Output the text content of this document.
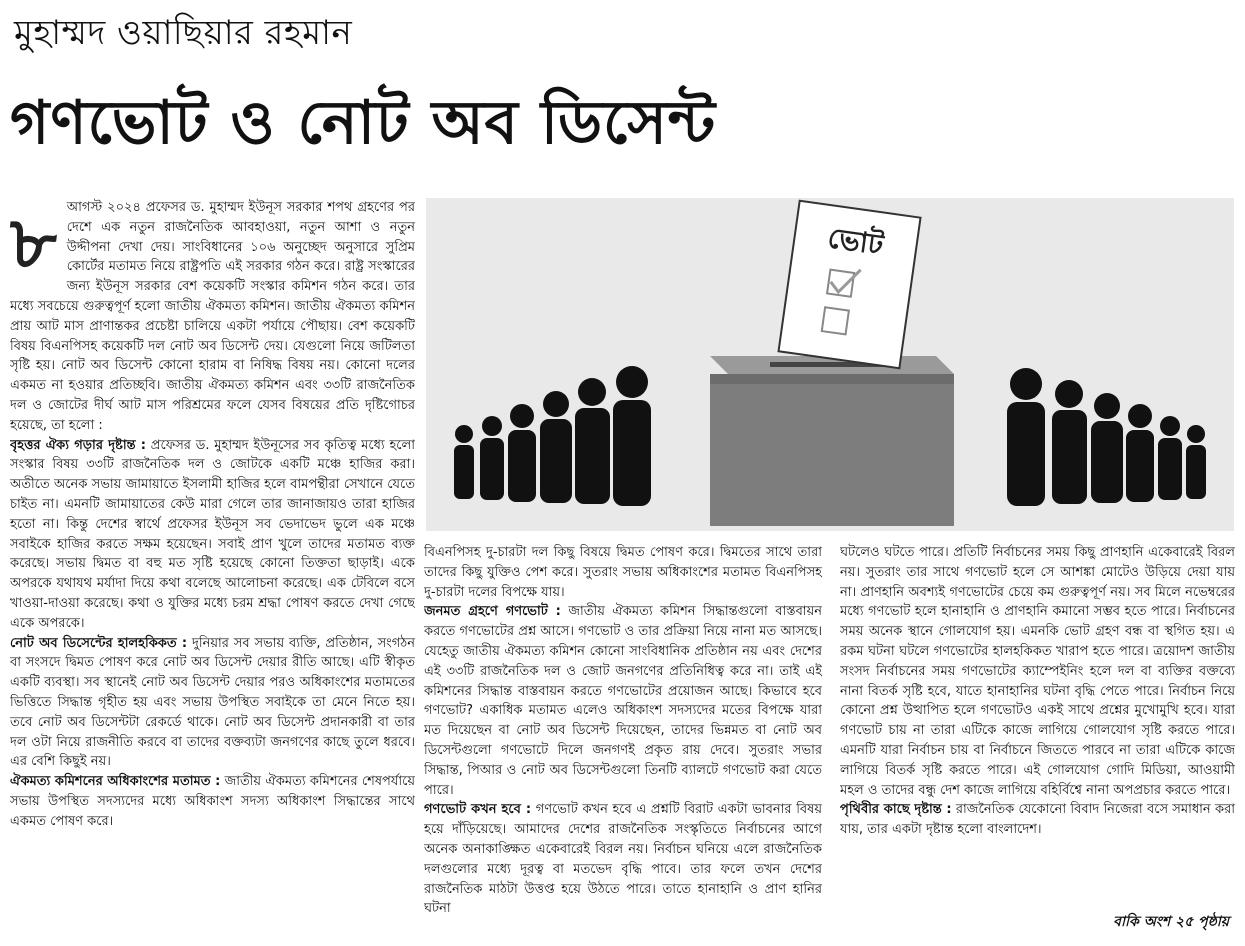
মুহাম্মদ ওয়াছিয়ার রহমান
গণভোট ও নোট অব ডিসেন্ট
৮ আগস্ট ২০২৪ প্রফেসর ড. মুহাম্মদ ইউনূস সরকার শপথ গ্রহণের পর দেশে এক নতুন রাজনৈতিক আবহাওয়া, নতুন আশা ও নতুন উদ্দীপনা দেখা দেয়। সাংবিধানের ১০৬ অনুচ্ছেদ অনুসারে সুপ্রিম কোর্টের মতামত নিয়ে রাষ্ট্রপতি এই সরকার গঠন করে। রাষ্ট্র সংস্কারের জন্য ইউনূস সরকার বেশ কয়েকটি সংস্কার কমিশন গঠন করে। তার মধ্যে সবচেয়ে গুরুত্বপূর্ণ হলো জাতীয় ঐকমত্য কমিশন। জাতীয় ঐকমত্য কমিশন প্রায় আট মাস প্রাণান্তকর প্রচেষ্টা চালিয়ে একটা পর্যায়ে পৌছায়। বেশ কয়েকটি বিষয় বিএনপিসহ কয়েকটি দল নোট অব ডিসেন্ট দেয়। যেগুলো নিয়ে জটিলতা সৃষ্টি হয়। নোট অব ডিসেন্ট কোনো হারাম বা নিষিদ্ধ বিষয় নয়। কোনো দলের একমত না হওয়ার প্রতিচ্ছবি। জাতীয় ঐকমত্য কমিশন এবং ৩৩টি রাজনৈতিক দল ও জোটের দীর্ঘ আট মাস পরিশ্রমের ফলে যেসব বিষয়ের প্রতি দৃষ্টিগোচর হয়েছে, তা হলো :

বৃহত্তর ঐক্য গড়ার দৃষ্টান্ত : প্রফেসর ড. মুহাম্মদ ইউনূসের সব কৃতিত্ব মধ্যে হলো সংস্কার বিষয় ৩৩টি রাজনৈতিক দল ও জোটকে একটি মঞ্চে হাজির করা। অতীতে অনেক সভায় জামায়াতে ইসলামী হাজির হলে বামপন্থীরা সেখানে যেতে চাইত না। এমনটি জামায়াতের কেউ মারা গেলে তার জানাজায়ও তারা হাজির হতো না। কিন্তু দেশের স্বার্থে প্রফেসর ইউনূস সব ভেদাভেদ ভুলে এক মঞ্চে সবাইকে হাজির করতে সক্ষম হয়েছেন। সবাই প্রাণ খুলে তাদের মতামত ব্যক্ত করেছে। সভায় দ্বিমত বা বহু মত সৃষ্টি হয়েছে কোনো তিক্ততা ছাড়াই। একে অপরকে যথাযথ মর্যাদা দিয়ে কথা বলেছে আলোচনা করেছে। এক টেবিলে বসে খাওয়া-দাওয়া করেছে। কথা ও যুক্তির মধ্যে চরম শ্রদ্ধা পোষণ করতে দেখা গেছে একে অপরকে।

নোট অব ডিসেন্টের হালহকিকত : দুনিয়ার সব সভায় ব্যক্তি, প্রতিষ্ঠান, সংগঠন বা সংসদে দ্বিমত পোষণ করে নোট অব ডিসেন্ট দেয়ার রীতি আছে। এটি স্বীকৃত একটি ব্যবস্থা। সব স্থানেই নোট অব ডিসেন্ট দেয়ার পরও অধিকাংশের মতামতের ভিত্তিতে সিদ্ধান্ত গৃহীত হয় এবং সভায় উপস্থিত সবাইকে তা মেনে নিতে হয়। তবে নোট অব ডিসেন্টটা রেকর্ডে থাকে। নোট অব ডিসেন্ট প্রদানকারী বা তার দল ওটা নিয়ে রাজনীতি করবে বা তাদের বক্তব্যটা জনগণের কাছে তুলে ধরবে। এর বেশি কিছুই নয়।

ঐকমত্য কমিশনের অধিকাংশের মতামত : জাতীয় ঐকমত্য কমিশনের শেষপর্যায়ে সভায় উপস্থিত সদস্যদের মধ্যে অধিকাংশ সদস্য অধিকাংশ সিদ্ধান্তের সাথে একমত পোষণ করে।

ভোট

বিএনপিসহ দু-চারটা দল কিছু বিষয়ে দ্বিমত পোষণ করে। দ্বিমতের সাথে তারা তাদের কিছু যুক্তিও পেশ করে। সুতরাং সভায় অধিকাংশের মতামত বিএনপিসহ দু-চারটা দলের বিপক্ষে যায়।

জনমত গ্রহণে গণভোট : জাতীয় ঐকমত্য কমিশন সিদ্ধান্তগুলো বাস্তবায়ন করতে গণভোটের প্রশ্ন আসে। গণভোট ও তার প্রক্রিয়া নিয়ে নানা মত আসছে। যেহেতু জাতীয় ঐকমত্য কমিশন কোনো সাংবিধানিক প্রতিষ্ঠান নয় এবং দেশের এই ৩৩টি রাজনৈতিক দল ও জোট জনগণের প্রতিনিধিত্ব করে না। তাই এই কমিশনের সিদ্ধান্ত বাস্তবায়ন করতে গণভোটের প্রয়োজন আছে। কিভাবে হবে গণভোট? একাধিক মতামত এলেও অধিকাংশ সদস্যদের মতের বিপক্ষে যারা মত দিয়েছেন বা নোট অব ডিসেন্ট দিয়েছেন, তাদের ভিন্নমত বা নোট অব ডিসেন্টগুলো গণভোটে দিলে জনগণই প্রকৃত রায় দেবে। সুতরাং সভার সিদ্ধান্ত, পিআর ও নোট অব ডিসেন্টগুলো তিনটি ব্যালটে গণভোট করা যেতে পারে।

গণভোট কখন হবে : গণভোট কখন হবে এ প্রশ্নটি বিরাট একটা ভাবনার বিষয় হয়ে দাঁড়িয়েছে। আমাদের দেশের রাজনৈতিক সংস্কৃতিতে নির্বাচনের আগে অনেক অনাকাঙ্ক্ষিত একেবারেই বিরল নয়। নির্বাচন ঘনিয়ে এলে রাজনৈতিক দলগুলোর মধ্যে দূরত্ব বা মতভেদ বৃদ্ধি পাবে। তার ফলে তখন দেশের রাজনৈতিক মাঠটা উত্তপ্ত হয়ে উঠতে পারে। তাতে হানাহানি ও প্রাণ হানির ঘটনা

ঘটলেও ঘটতে পারে। প্রতিটি নির্বাচনের সময় কিছু প্রাণহানি একেবারেই বিরল নয়। সুতরাং তার সাথে গণভোট হলে সে আশঙ্কা মোটেও উড়িয়ে দেয়া যায় না। প্রাণহানি অবশ্যই গণভোটের চেয়ে কম গুরুত্বপূর্ণ নয়। সব মিলে নভেম্বরের মধ্যে গণভোট হলে হানাহানি ও প্রাণহানি কমানো সম্ভব হতে পারে। নির্বাচনের সময় অনেক স্থানে গোলযোগ হয়। এমনকি ভোট গ্রহণ বন্ধ বা স্থগিত হয়। এ রকম ঘটনা ঘটলে গণভোটের হালহকিকত খারাপ হতে পারে। ত্রয়োদশ জাতীয় সংসদ নির্বাচনের সময় গণভোটের ক্যাম্পেইনিং হলে দল বা ব্যক্তির বক্তব্যে নানা বিতর্ক সৃষ্টি হবে, যাতে হানাহানির ঘটনা বৃদ্ধি পেতে পারে। নির্বাচন নিয়ে কোনো প্রশ্ন উত্থাপিত হলে গণভোটও একই সাথে প্রশ্নের মুখোমুখি হবে। যারা গণভোট চায় না তারা এটিকে কাজে লাগিয়ে গোলযোগ সৃষ্টি করতে পারে। এমনটি যারা নির্বাচন চায় বা নির্বাচনে জিততে পারবে না তারা এটিকে কাজে লাগিয়ে বিতর্ক সৃষ্টি করতে পারে। এই গোলযোগ গোদি মিডিয়া, আওয়ামী মহল ও তাদের বন্ধু দেশ কাজে লাগিয়ে বহির্বিশ্বে নানা অপপ্রচার করতে পারে।

পৃথিবীর কাছে দৃষ্টান্ত : রাজনৈতিক যেকোনো বিবাদ নিজেরা বসে সমাধান করা যায়, তার একটা দৃষ্টান্ত হলো বাংলাদেশ।

বাকি অংশ ২৫ পৃষ্ঠায়
